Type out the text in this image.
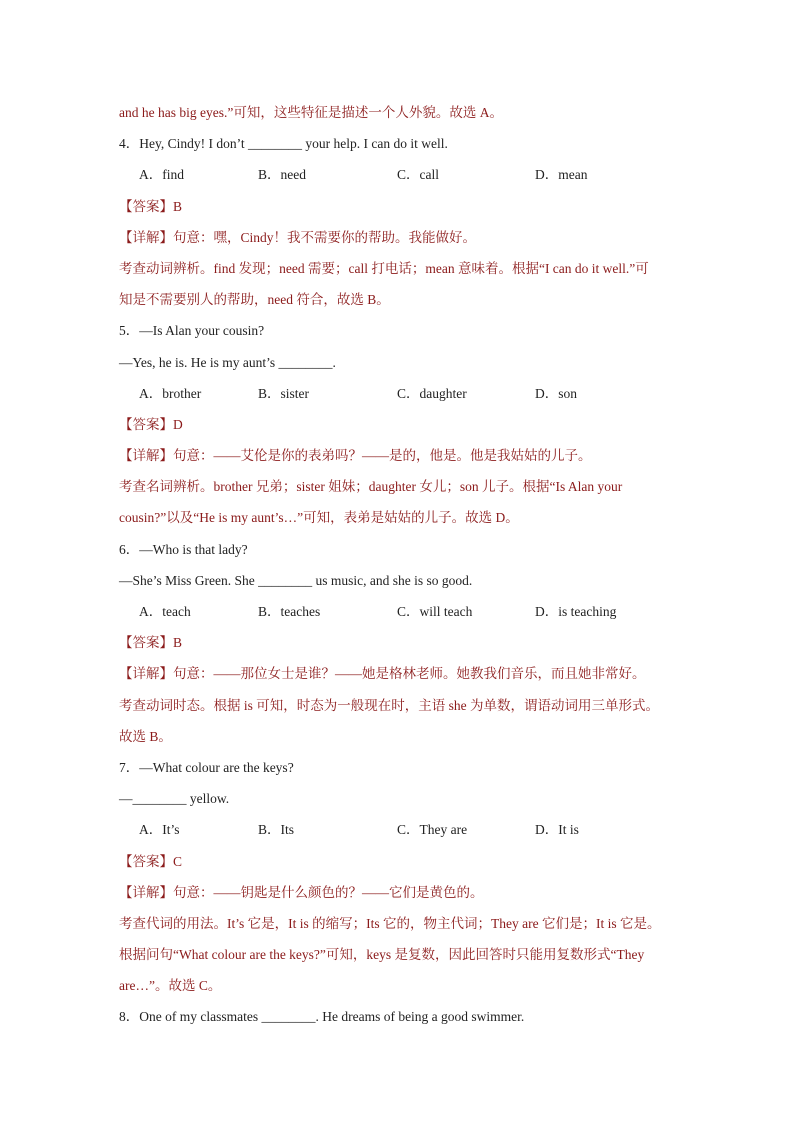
and he has big eyes.”可知，这些特征是描述一个人外貌。故选 A。
4．Hey, Cindy! I don’t ________ your help. I can do it well.
A．find	B．need	C．call	D．mean
【答案】B
【详解】句意：嘿，Cindy！我不需要你的帮助。我能做好。
考查动词辨析。find 发现；need 需要；call 打电话；mean 意味着。根据“I can do it well.”可
知是不需要别人的帮助，need 符合，故选 B。
5．—Is Alan your cousin?
—Yes, he is. He is my aunt’s ________.
A．brother	B．sister	C．daughter	D．son
【答案】D
【详解】句意：——艾伦是你的表弟吗？——是的，他是。他是我姑姑的儿子。
考查名词辨析。brother 兄弟；sister 姐妹；daughter 女儿；son 儿子。根据“Is Alan your
cousin?”以及“He is my aunt’s…”可知，表弟是姑姑的儿子。故选 D。
6．—Who is that lady?
—She’s Miss Green. She ________ us music, and she is so good.
A．teach	B．teaches	C．will teach	D．is teaching
【答案】B
【详解】句意：——那位女士是谁？——她是格林老师。她教我们音乐，而且她非常好。
考查动词时态。根据 is 可知，时态为一般现在时，主语 she 为单数，谓语动词用三单形式。
故选 B。
7．—What colour are the keys?
—________ yellow.
A．It’s	B．Its	C．They are	D．It is
【答案】C
【详解】句意：——钥匙是什么颜色的？——它们是黄色的。
考查代词的用法。It’s 它是，It is 的缩写；Its 它的，物主代词；They are 它们是；It is 它是。
根据问句“What colour are the keys?”可知，keys 是复数，因此回答时只能用复数形式“They
are…”。故选 C。
8．One of my classmates ________. He dreams of being a good swimmer.
